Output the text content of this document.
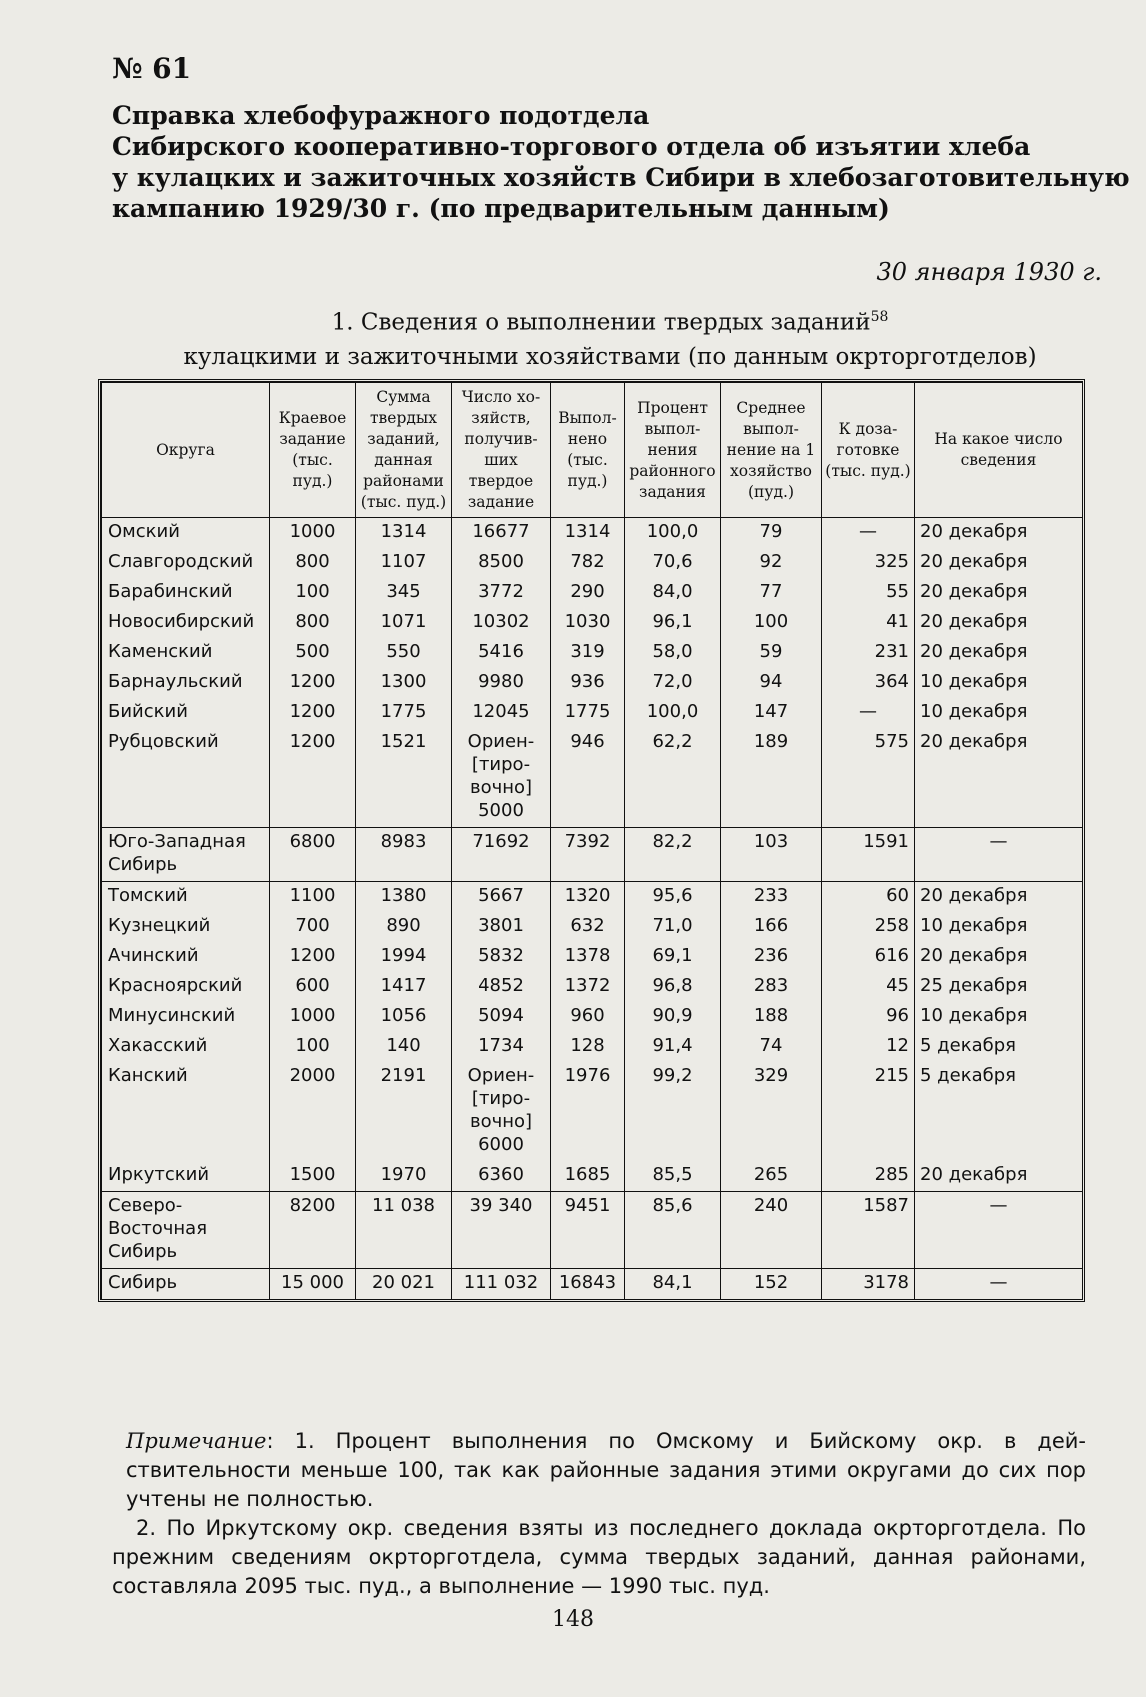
№ 61
Справка хлебофуражного подотдела
Сибирского кооперативно-торгового отдела об изъятии хлеба
у кулацких и зажиточных хозяйств Сибири в хлебозаготовительную
кампанию 1929/30 г. (по предварительным данным)
30 января 1930 г.
1. Сведения о выполнении твердых заданий$^{58}$
кулацкими и зажиточными хозяйствами (по данным окрторготделов)
Округа	Краевое задание (тыс. пуд.)	Сумма твердых заданий, данная районами (тыс. пуд.)	Число хозяйств, получивших твердое задание	Выполнено (тыс. пуд.)	Процент выполнения районного задания	Среднее выполнение на 1 хозяйство (пуд.)	К дозаготовке (тыс. пуд.)	На какое число сведения
Омский	1000	1314	16677	1314	100,0	79	—	20 декабря
Славгородский	800	1107	8500	782	70,6	92	325	20 декабря
Барабинский	100	345	3772	290	84,0	77	55	20 декабря
Новосибирский	800	1071	10302	1030	96,1	100	41	20 декабря
Каменский	500	550	5416	319	58,0	59	231	20 декабря
Барнаульский	1200	1300	9980	936	72,0	94	364	10 декабря
Бийский	1200	1775	12045	1775	100,0	147	—	10 декабря
Рубцовский	1200	1521	Ориен- [тиро- вочно] 5000	946	62,2	189	575	20 декабря
Юго-Западная Сибирь	6800	8983	71692	7392	82,2	103	1591	—
Томский	1100	1380	5667	1320	95,6	233	60	20 декабря
Кузнецкий	700	890	3801	632	71,0	166	258	10 декабря
Ачинский	1200	1994	5832	1378	69,1	236	616	20 декабря
Красноярский	600	1417	4852	1372	96,8	283	45	25 декабря
Минусинский	1000	1056	5094	960	90,9	188	96	10 декабря
Хакасский	100	140	1734	128	91,4	74	12	5 декабря
Канский	2000	2191	Ориен- [тиро- вочно] 6000	1976	99,2	329	215	5 декабря
Иркутский	1500	1970	6360	1685	85,5	265	285	20 декабря
Северо- Восточная Сибирь	8200	11 038	39 340	9451	85,6	240	1587	—
Сибирь	15 000	20 021	111 032	16843	84,1	152	3178	—

Примечание: 1. Процент выполнения по Омскому и Бийскому окр. в действительности меньше 100, так как районные задания этими округами до сих пор учтены не полностью.

2. По Иркутскому окр. сведения взяты из последнего доклада окрторготдела. По прежним сведениям окрторготдела, сумма твердых заданий, данная районами, составляла 2095 тыс. пуд., а выполнение — 1990 тыс. пуд.

148
